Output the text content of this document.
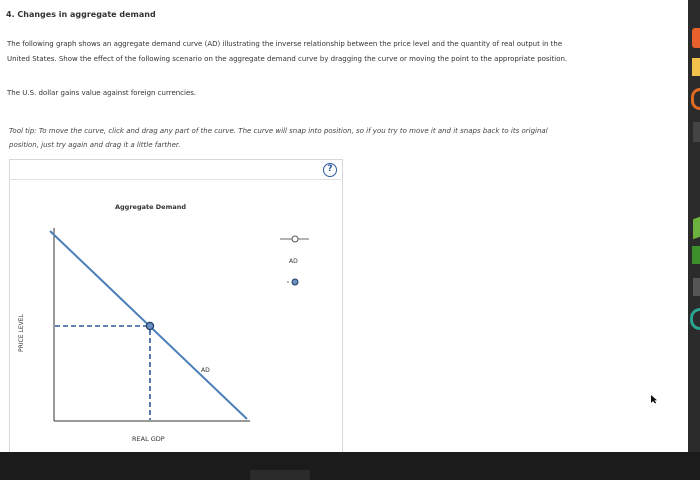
4. Changes in aggregate demand
The following graph shows an aggregate demand curve (AD) illustrating the inverse relationship between the price level and the quantity of real output in the United States. Show the effect of the following scenario on the aggregate demand curve by dragging the curve or moving the point to the appropriate position.
The U.S. dollar gains value against foreign currencies.
Tool tip: To move the curve, click and drag any part of the curve. The curve will snap into position, so if you try to move it and it snaps back to its original position, just try again and drag it a little farther.
?
Aggregate Demand
REAL GDP
PRICE LEVEL
AD
AD
